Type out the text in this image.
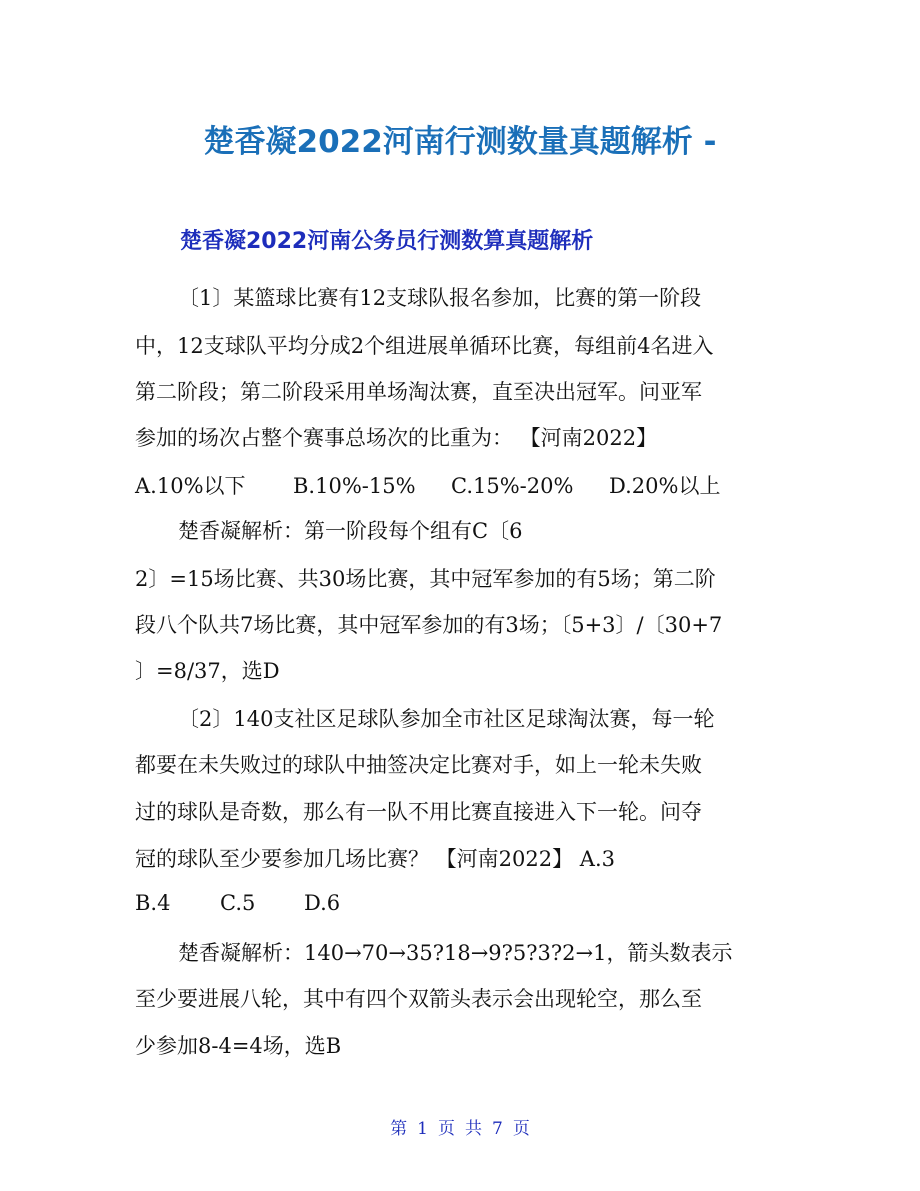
楚香凝2022河南行测数量真题解析 -
楚香凝2022河南公务员行测数算真题解析
〔1〕某篮球比赛有12支球队报名参加，比赛的第一阶段
中，12支球队平均分成2个组进展单循环比赛，每组前4名进入
第二阶段；第二阶段采用单场淘汰赛，直至决出冠军。问亚军
参加的场次占整个赛事总场次的比重为： 【河南2022】
A.10%以下 B.10%-15% C.15%-20% D.20%以上
楚香凝解析：第一阶段每个组有C〔6
2〕=15场比赛、共30场比赛，其中冠军参加的有5场；第二阶
段八个队共7场比赛，其中冠军参加的有3场；〔5+3〕/〔30+7
〕=8/37，选D
〔2〕140支社区足球队参加全市社区足球淘汰赛，每一轮
都要在未失败过的球队中抽签决定比赛对手，如上一轮未失败
过的球队是奇数，那么有一队不用比赛直接进入下一轮。问夺
冠的球队至少要参加几场比赛？ 【河南2022】 A.3
B.4 C.5 D.6
楚香凝解析：140→70→35?18→9?5?3?2→1，箭头数表示
至少要进展八轮，其中有四个双箭头表示会出现轮空，那么至
少参加8-4=4场，选B
第 1 页 共 7 页
